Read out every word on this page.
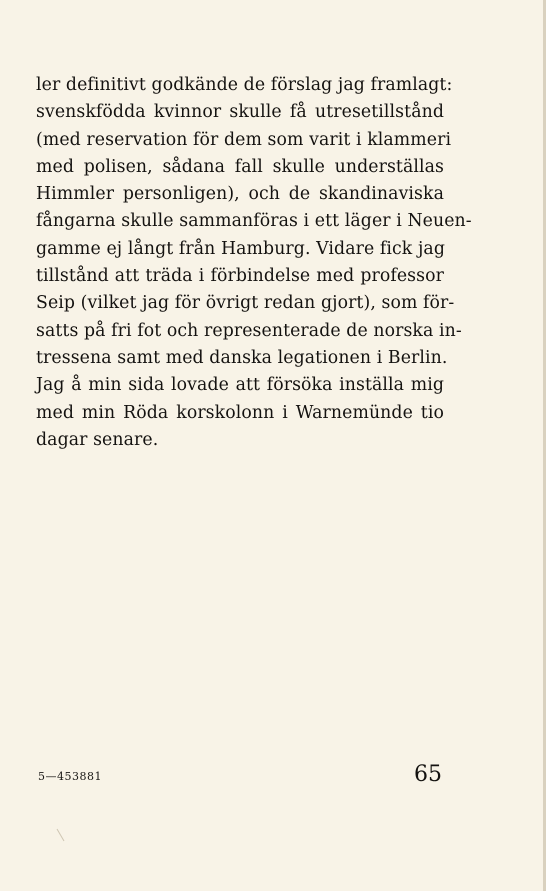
ler definitivt godkände de förslag jag framlagt:
svenskfödda kvinnor skulle få utresetillstånd
(med reservation för dem som varit i klammeri
med polisen, sådana fall skulle underställas
Himmler personligen), och de skandinaviska
fångarna skulle sammanföras i ett läger i Neuen-
gamme ej långt från Hamburg. Vidare fick jag
tillstånd att träda i förbindelse med professor
Seip (vilket jag för övrigt redan gjort), som för-
satts på fri fot och representerade de norska in-
tressena samt med danska legationen i Berlin.
Jag å min sida lovade att försöka inställa mig
med min Röda korskolonn i Warnemünde tio
dagar senare.
5—453881	65
